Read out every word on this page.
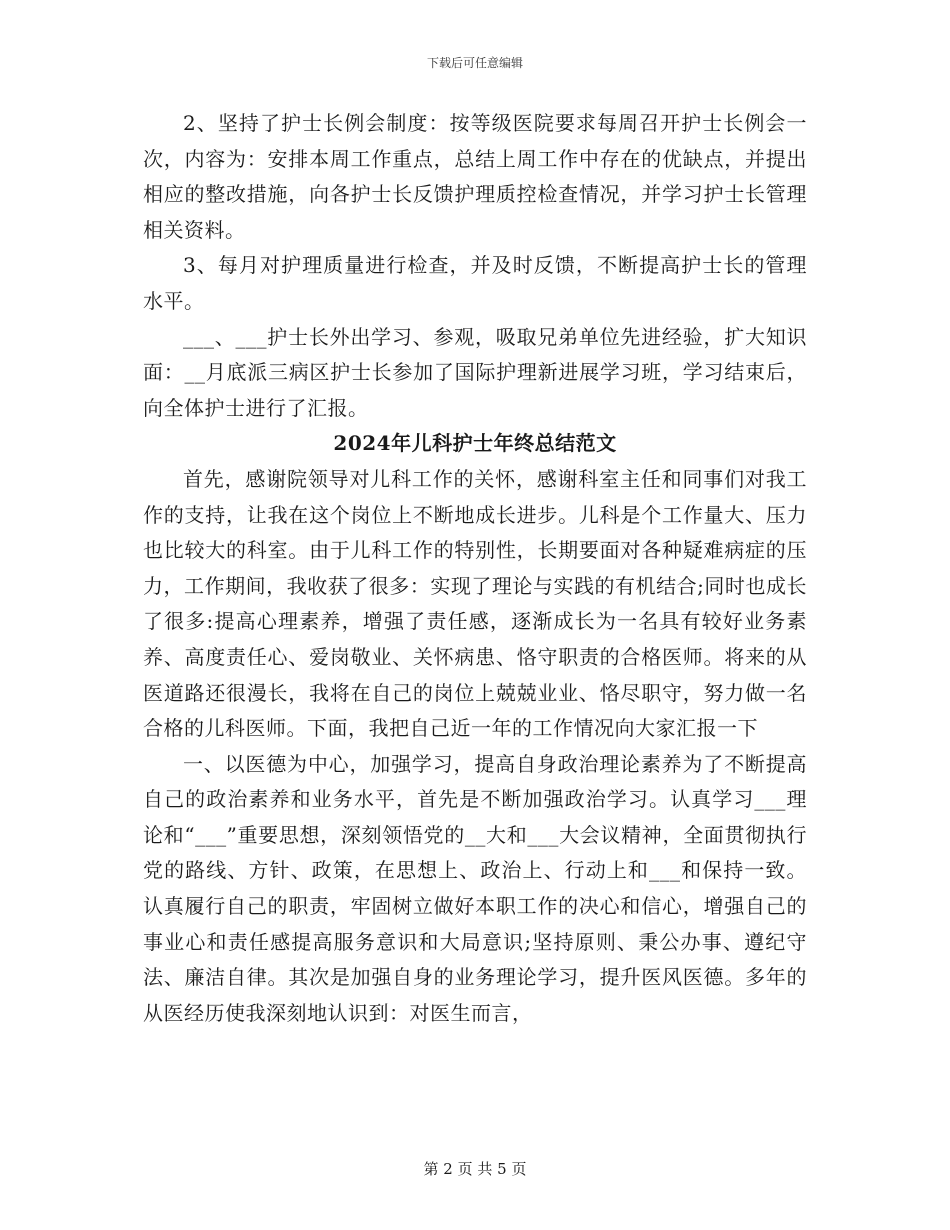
下载后可任意编辑

2、坚持了护士长例会制度：按等级医院要求每周召开护士长例会一次，内容为：安排本周工作重点，总结上周工作中存在的优缺点，并提出相应的整改措施，向各护士长反馈护理质控检查情况，并学习护士长管理相关资料。

3、每月对护理质量进行检查，并及时反馈，不断提高护士长的管理水平。

___、___护士长外出学习、参观，吸取兄弟单位先进经验，扩大知识面：__月底派三病区护士长参加了国际护理新进展学习班，学习结束后，向全体护士进行了汇报。

2024年儿科护士年终总结范文

首先，感谢院领导对儿科工作的关怀，感谢科室主任和同事们对我工作的支持，让我在这个岗位上不断地成长进步。儿科是个工作量大、压力也比较大的科室。由于儿科工作的特别性，长期要面对各种疑难病症的压力，工作期间，我收获了很多：实现了理论与实践的有机结合;同时也成长了很多:提高心理素养，增强了责任感，逐渐成长为一名具有较好业务素养、高度责任心、爱岗敬业、关怀病患、恪守职责的合格医师。将来的从医道路还很漫长，我将在自己的岗位上兢兢业业、恪尽职守，努力做一名合格的儿科医师。下面，我把自己近一年的工作情况向大家汇报一下

一、以医德为中心，加强学习，提高自身政治理论素养为了不断提高自己的政治素养和业务水平，首先是不断加强政治学习。认真学习___理论和“___”重要思想，深刻领悟党的__大和___大会议精神，全面贯彻执行党的路线、方针、政策，在思想上、政治上、行动上和___和保持一致。认真履行自己的职责，牢固树立做好本职工作的决心和信心，增强自己的事业心和责任感提高服务意识和大局意识;坚持原则、秉公办事、遵纪守法、廉洁自律。其次是加强自身的业务理论学习，提升医风医德。多年的从医经历使我深刻地认识到：对医生而言，

第 2 页 共 5 页
